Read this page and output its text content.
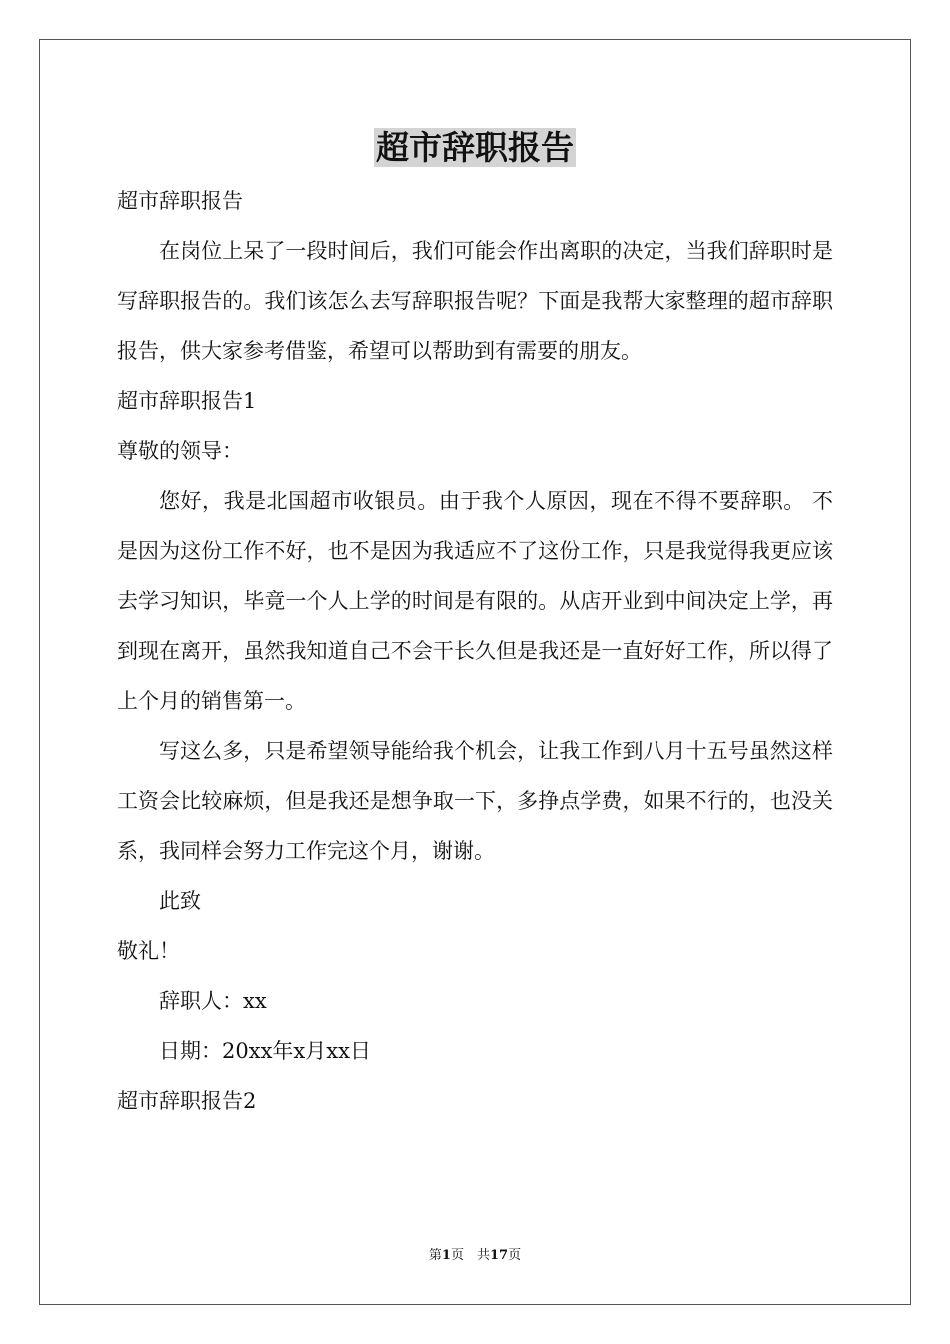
超市辞职报告

超市辞职报告

在岗位上呆了一段时间后，我们可能会作出离职的决定，当我们辞职时是写辞职报告的。我们该怎么去写辞职报告呢？下面是我帮大家整理的超市辞职报告，供大家参考借鉴，希望可以帮助到有需要的朋友。

超市辞职报告1

尊敬的领导：

您好，我是北国超市收银员。由于我个人原因，现在不得不要辞职。 不是因为这份工作不好，也不是因为我适应不了这份工作，只是我觉得我更应该去学习知识，毕竟一个人上学的时间是有限的。从店开业到中间决定上学，再到现在离开，虽然我知道自己不会干长久但是我还是一直好好工作，所以得了上个月的销售第一。

写这么多，只是希望领导能给我个机会，让我工作到八月十五号虽然这样工资会比较麻烦，但是我还是想争取一下，多挣点学费，如果不行的，也没关系，我同样会努力工作完这个月，谢谢。

此致

敬礼！

辞职人：xx

日期：20xx年x月xx日

超市辞职报告2

第1页　共17页
